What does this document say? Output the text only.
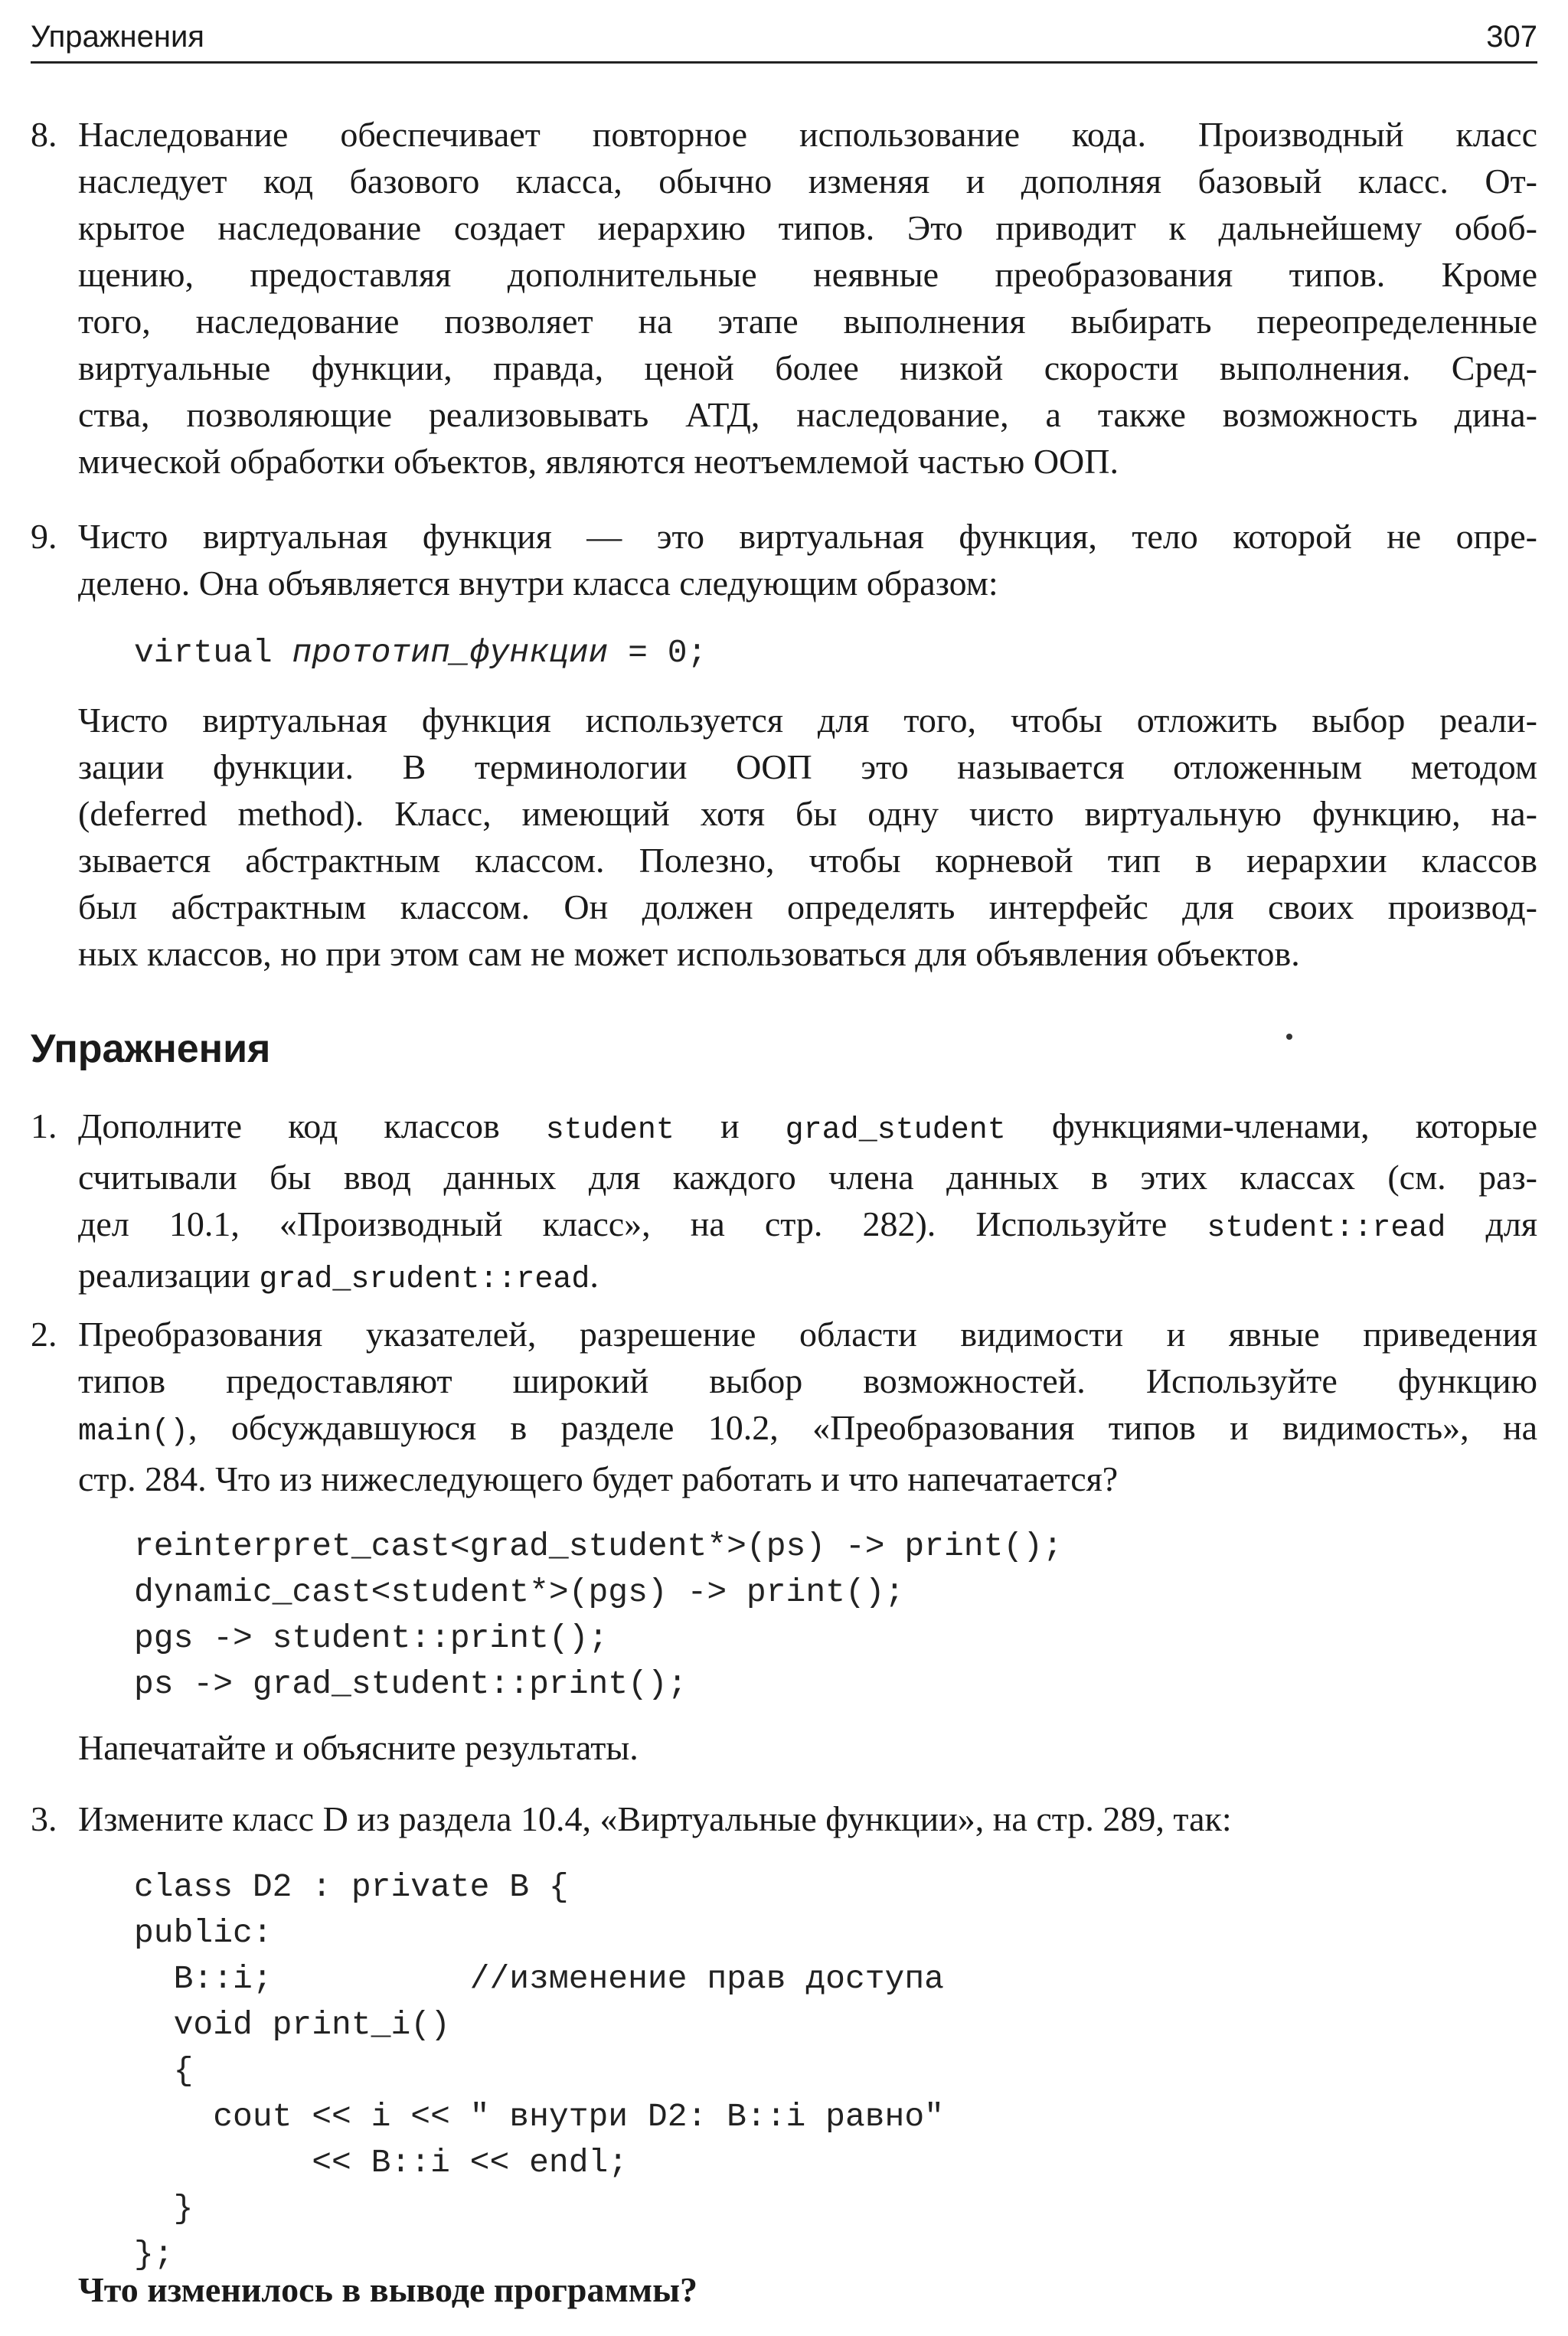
Упражнения	307
8. Наследование обеспечивает повторное использование кода. Производный класс
наследует код базового класса, обычно изменяя и дополняя базовый класс. От-
крытое наследование создает иерархию типов. Это приводит к дальнейшему обоб-
щению, предоставляя дополнительные неявные преобразования типов. Кроме
того, наследование позволяет на этапе выполнения выбирать переопределенные
виртуальные функции, правда, ценой более низкой скорости выполнения. Сред-
ства, позволяющие реализовывать АТД, наследование, а также возможность дина-
мической обработки объектов, являются неотъемлемой частью ООП.
9. Чисто виртуальная функция — это виртуальная функция, тело которой не опре-
делено. Она объявляется внутри класса следующим образом:
virtual прототип_функции = 0;
Чисто виртуальная функция используется для того, чтобы отложить выбор реали-
зации функции. В терминологии ООП это называется отложенным методом
(deferred method). Класс, имеющий хотя бы одну чисто виртуальную функцию, на-
зывается абстрактным классом. Полезно, чтобы корневой тип в иерархии классов
был абстрактным классом. Он должен определять интерфейс для своих производ-
ных классов, но при этом сам не может использоваться для объявления объектов.
Упражнения
1. Дополните код классов student и grad_student функциями-членами, которые
считывали бы ввод данных для каждого члена данных в этих классах (см. раз-
дел 10.1, «Производный класс», на стр. 282). Используйте student::read для
реализации grad_srudent::read.
2. Преобразования указателей, разрешение области видимости и явные приведения
типов предоставляют широкий выбор возможностей. Используйте функцию
main(), обсуждавшуюся в разделе 10.2, «Преобразования типов и видимость», на
стр. 284. Что из нижеследующего будет работать и что напечатается?
reinterpret_cast<grad_student*>(ps) -> print();
dynamic_cast<student*>(pgs) -> print();
pgs -> student::print();
ps -> grad_student::print();
Напечатайте и объясните результаты.
3. Измените класс D из раздела 10.4, «Виртуальные функции», на стр. 289, так:
class D2 : private B {
public:
B::i;          //изменение прав доступа
void print_i()
{
cout << i << " внутри D2: B::i равно"
<< B::i << endl;
}
};
Что изменилось в выводе программы?
